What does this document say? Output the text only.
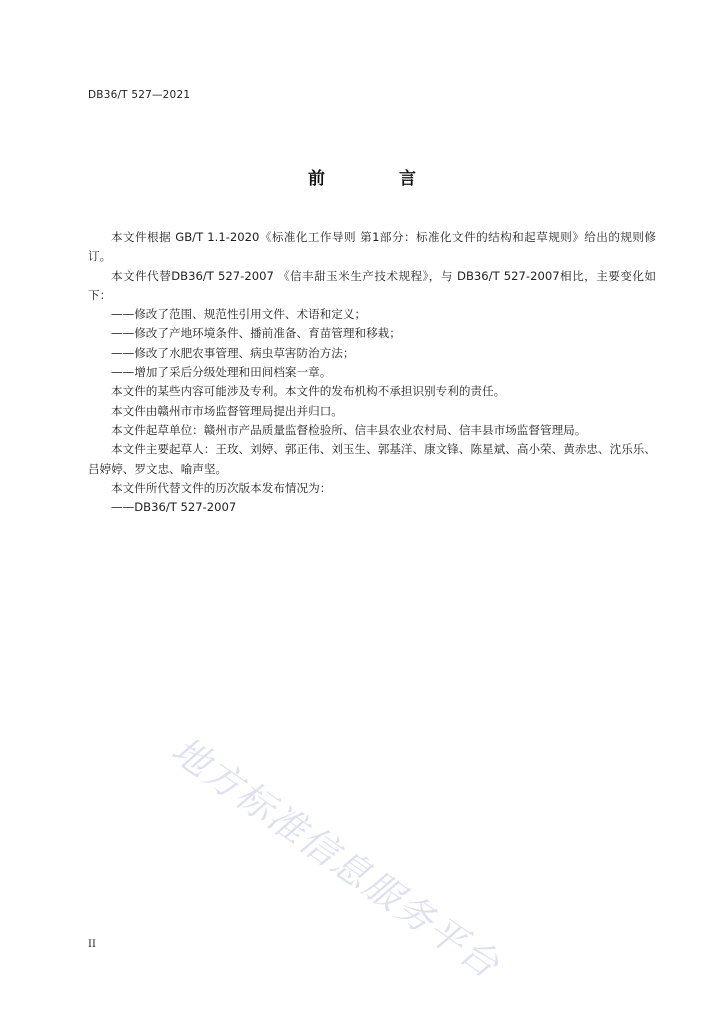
DB36/T 527—2021
前 言

本文件根据 GB/T 1.1-2020《标准化工作导则 第1部分：标准化文件的结构和起草规则》给出的规则修订。

本文件代替DB36/T 527-2007 《信丰甜玉米生产技术规程》，与 DB36/T 527-2007相比，主要变化如下：

——修改了范围、规范性引用文件、术语和定义；

——修改了产地环境条件、播前准备、育苗管理和移栽；

——修改了水肥农事管理、病虫草害防治方法；

——增加了采后分级处理和田间档案一章。

本文件的某些内容可能涉及专利。本文件的发布机构不承担识别专利的责任。

本文件由赣州市市场监督管理局提出并归口。

本文件起草单位：赣州市产品质量监督检验所、信丰县农业农村局、信丰县市场监督管理局。

本文件主要起草人：王玫、刘婷、郭正伟、刘玉生、郭基洋、康文锋、陈星斌、高小荣、黄赤忠、沈乐乐、吕婷婷、罗文忠、喻声坚。

本文件所代替文件的历次版本发布情况为：

——DB36/T 527-2007

地方标准信息服务平台
II
